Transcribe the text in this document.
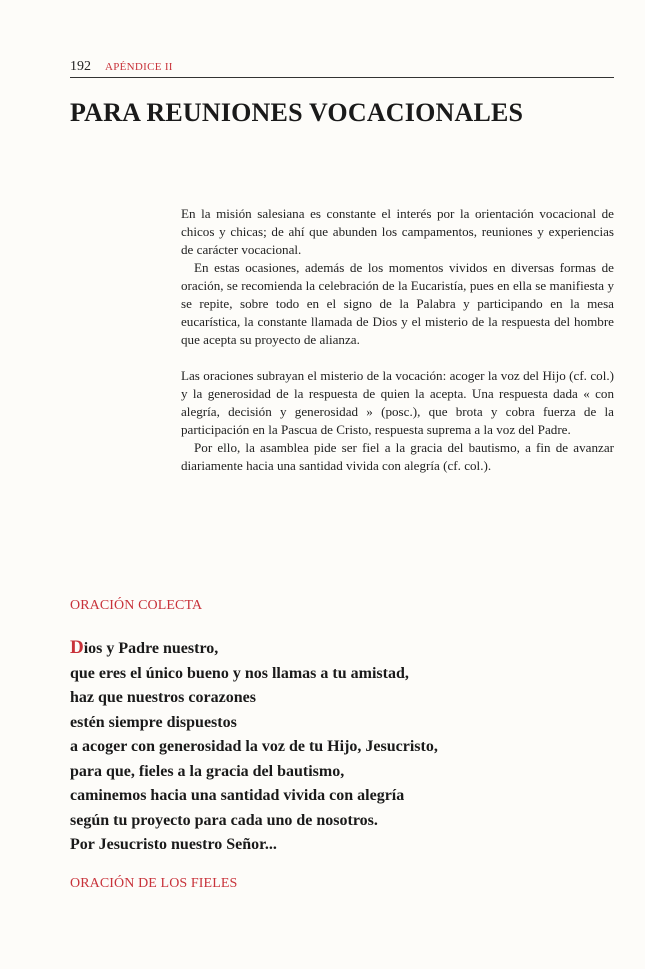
192 APÉNDICE II
PARA REUNIONES VOCACIONALES

En la misión salesiana es constante el interés por la orientación vocacional de chicos y chicas; de ahí que abunden los campamentos, reuniones y experiencias de carácter vocacional.

En estas ocasiones, además de los momentos vividos en diversas formas de oración, se recomienda la celebración de la Eucaristía, pues en ella se manifiesta y se repite, sobre todo en el signo de la Palabra y participando en la mesa eucarística, la constante llamada de Dios y el misterio de la respuesta del hombre que acepta su proyecto de alianza.

Las oraciones subrayan el misterio de la vocación: acoger la voz del Hijo (cf. col.) y la generosidad de la respuesta de quien la acepta. Una respuesta dada « con alegría, decisión y generosidad » (posc.), que brota y cobra fuerza de la participación en la Pascua de Cristo, respuesta suprema a la voz del Padre.

Por ello, la asamblea pide ser fiel a la gracia del bautismo, a fin de avanzar diariamente hacia una santidad vivida con alegría (cf. col.).

ORACIÓN COLECTA
Dios y Padre nuestro,
que eres el único bueno y nos llamas a tu amistad,
haz que nuestros corazones
estén siempre dispuestos
a acoger con generosidad la voz de tu Hijo, Jesucristo,
para que, fieles a la gracia del bautismo,
caminemos hacia una santidad vivida con alegría
según tu proyecto para cada uno de nosotros.
Por Jesucristo nuestro Señor...
ORACIÓN DE LOS FIELES
